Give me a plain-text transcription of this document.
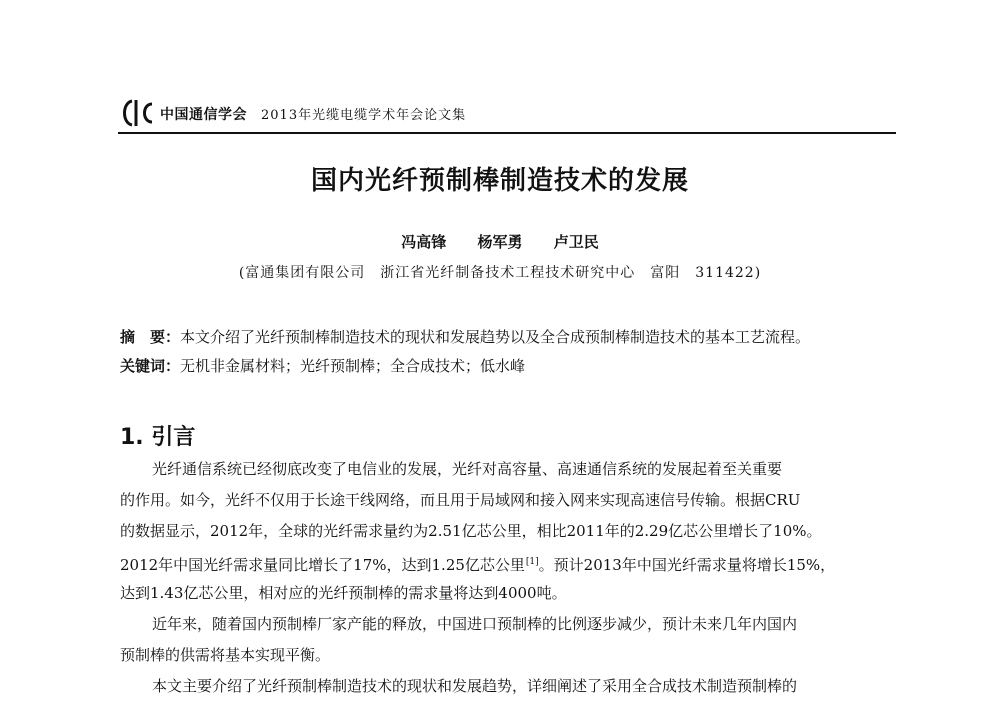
中国通信学会 2013年光缆电缆学术年会论文集
国内光纤预制棒制造技术的发展
冯高锋 杨军勇 卢卫民
(富通集团有限公司　浙江省光纤制备技术工程技术研究中心　富阳　311422)
摘　要：本文介绍了光纤预制棒制造技术的现状和发展趋势以及全合成预制棒制造技术的基本工艺流程。
关键词：无机非金属材料；光纤预制棒；全合成技术；低水峰
1. 引言
光纤通信系统已经彻底改变了电信业的发展，光纤对高容量、高速通信系统的发展起着至关重要
的作用。如今，光纤不仅用于长途干线网络，而且用于局域网和接入网来实现高速信号传输。根据CRU
的数据显示，2012年，全球的光纤需求量约为2.51亿芯公里，相比2011年的2.29亿芯公里增长了10%。
2012年中国光纤需求量同比增长了17%，达到1.25亿芯公里[1]。预计2013年中国光纤需求量将增长15%，
达到1.43亿芯公里，相对应的光纤预制棒的需求量将达到4000吨。
近年来，随着国内预制棒厂家产能的释放，中国进口预制棒的比例逐步减少，预计未来几年内国内
预制棒的供需将基本实现平衡。
本文主要介绍了光纤预制棒制造技术的现状和发展趋势，详细阐述了采用全合成技术制造预制棒的
